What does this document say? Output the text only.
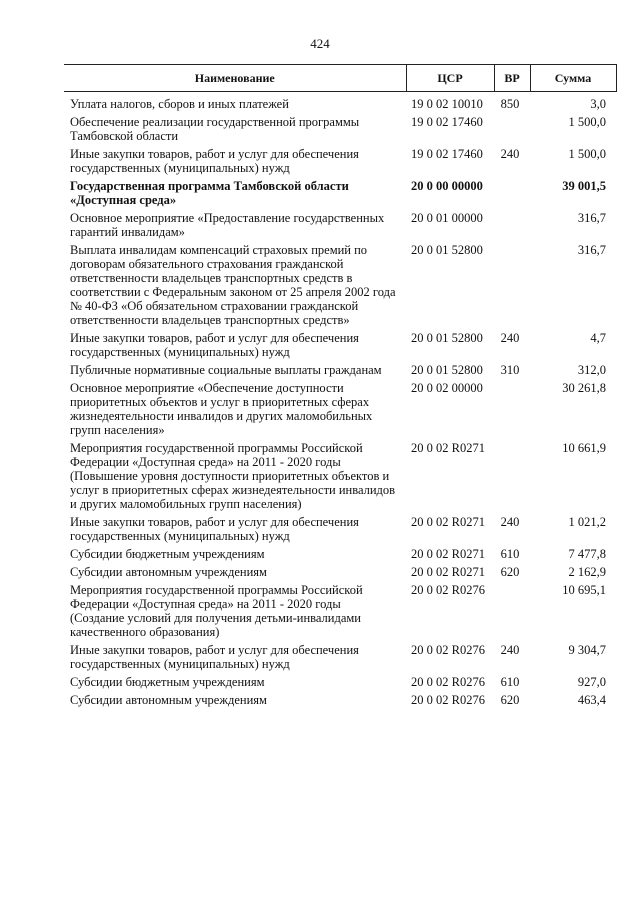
424
Наименование	ЦСР	ВР	Сумма
Уплата налогов, сборов и иных платежей	19 0 02 10010	850	3,0
Обеспечение реализации государственной программы Тамбовской области	19 0 02 17460		1 500,0
Иные закупки товаров, работ и услуг для обеспечения государственных (муниципальных) нужд	19 0 02 17460	240	1 500,0
Государственная программа Тамбовской области «Доступная среда»	20 0 00 00000		39 001,5
Основное мероприятие «Предоставление государственных гарантий инвалидам»	20 0 01 00000		316,7
Выплата инвалидам компенсаций страховых премий по договорам обязательного страхования гражданской ответственности владельцев транспортных средств в соответствии с Федеральным законом от 25 апреля 2002 года № 40-ФЗ «Об обязательном страховании гражданской ответственности владельцев транспортных средств»	20 0 01 52800		316,7
Иные закупки товаров, работ и услуг для обеспечения государственных (муниципальных) нужд	20 0 01 52800	240	4,7
Публичные нормативные социальные выплаты гражданам	20 0 01 52800	310	312,0
Основное мероприятие «Обеспечение доступности приоритетных объектов и услуг в приоритетных сферах жизнедеятельности инвалидов и других маломобильных групп населения»	20 0 02 00000		30 261,8
Мероприятия государственной программы Российской Федерации «Доступная среда» на 2011 - 2020 годы (Повышение уровня доступности приоритетных объектов и услуг в приоритетных сферах жизнедеятельности инвалидов и других маломобильных групп населения)	20 0 02 R0271		10 661,9
Иные закупки товаров, работ и услуг для обеспечения государственных (муниципальных) нужд	20 0 02 R0271	240	1 021,2
Субсидии бюджетным учреждениям	20 0 02 R0271	610	7 477,8
Субсидии автономным учреждениям	20 0 02 R0271	620	2 162,9
Мероприятия государственной программы Российской Федерации «Доступная среда» на 2011 - 2020 годы (Создание условий для получения детьми-инвалидами качественного образования)	20 0 02 R0276		10 695,1
Иные закупки товаров, работ и услуг для обеспечения государственных (муниципальных) нужд	20 0 02 R0276	240	9 304,7
Субсидии бюджетным учреждениям	20 0 02 R0276	610	927,0
Субсидии автономным учреждениям	20 0 02 R0276	620	463,4
